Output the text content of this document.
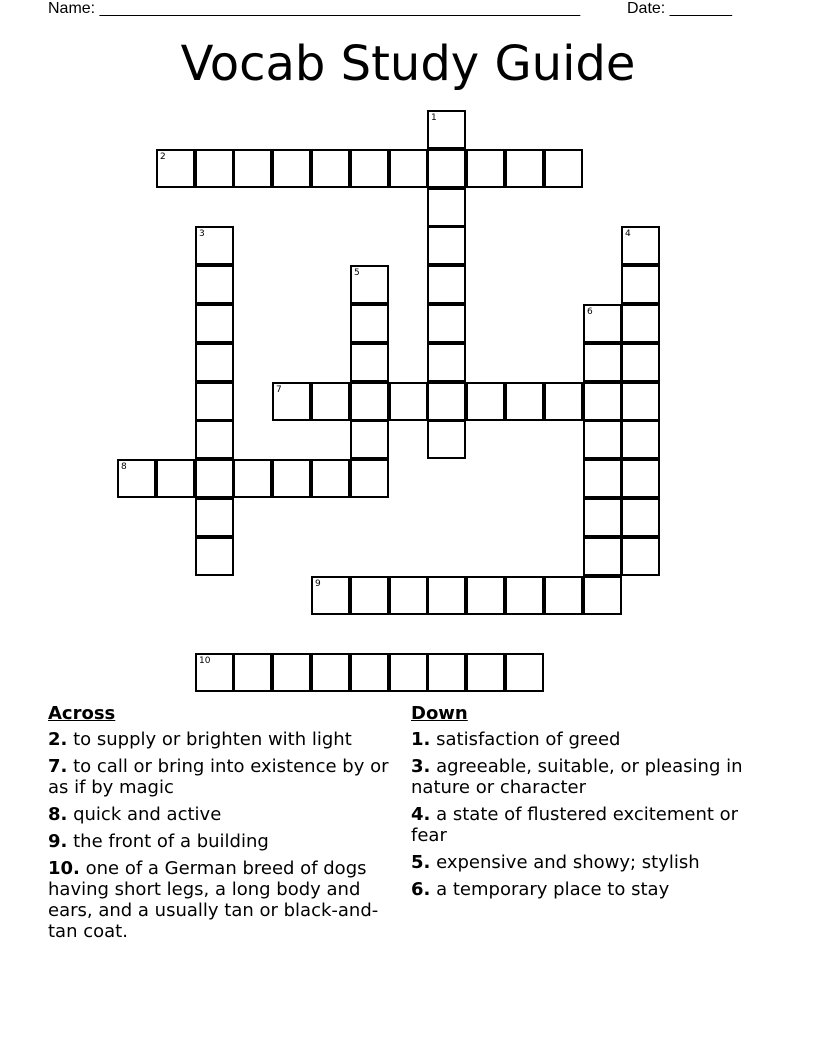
Name: ______________________________________________________	Date: _______
Vocab Study Guide
1
2
3	4
5
6
7
8
9
10
Across
2. to supply or brighten with light
7. to call or bring into existence by or as if by magic
8. quick and active
9. the front of a building
10. one of a German breed of dogs having short legs, a long body and ears, and a usually tan or black-and-tan coat.
Down
1. satisfaction of greed
3. agreeable, suitable, or pleasing in nature or character
4. a state of flustered excitement or fear
5. expensive and showy; stylish
6. a temporary place to stay
